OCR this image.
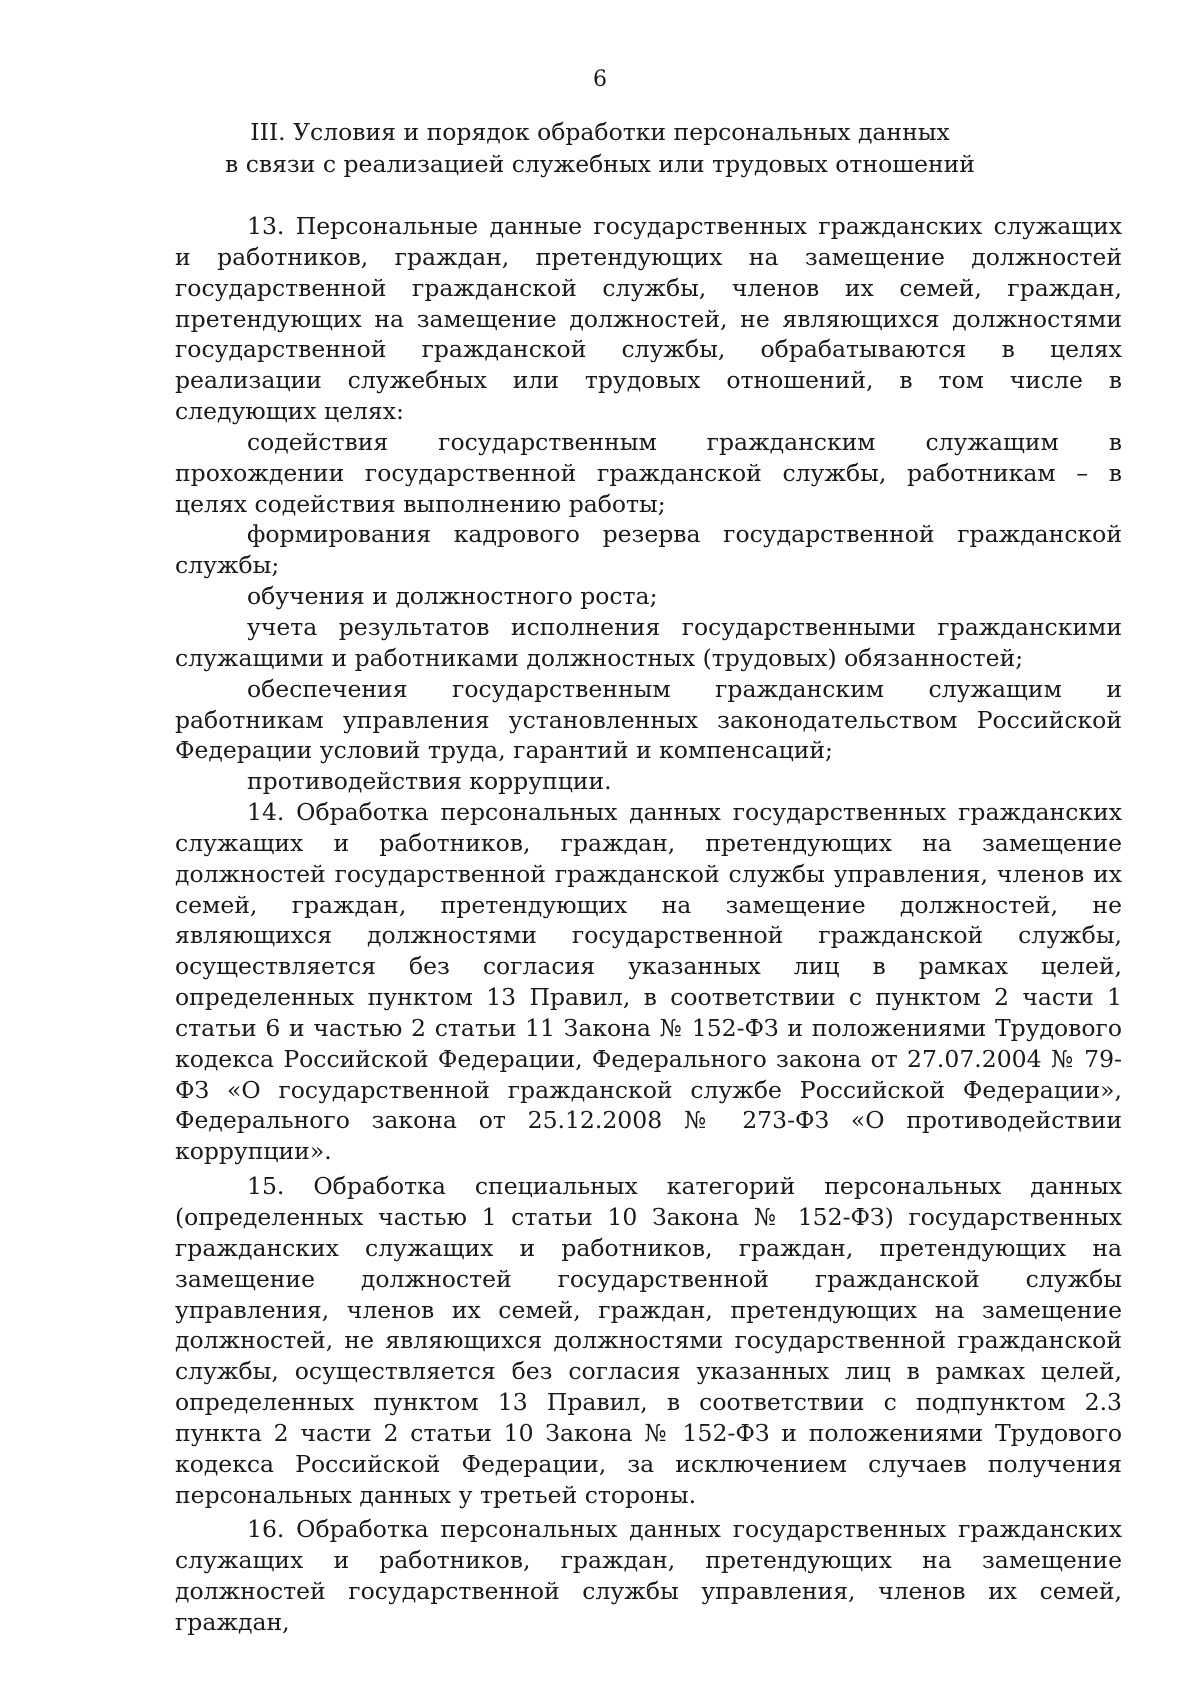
6
III. Условия и порядок обработки персональных данных
в связи с реализацией служебных или трудовых отношений

13. Персональные данные государственных гражданских служащих и работников, граждан, претендующих на замещение должностей государственной гражданской службы, членов их семей, граждан, претендующих на замещение должностей, не являющихся должностями государственной гражданской службы, обрабатываются в целях реализации служебных или трудовых отношений, в том числе в следующих целях:

содействия государственным гражданским служащим в прохождении государственной гражданской службы, работникам – в целях содействия выполнению работы;

формирования кадрового резерва государственной гражданской службы;

обучения и должностного роста;

учета результатов исполнения государственными гражданскими служащими и работниками должностных (трудовых) обязанностей;

обеспечения государственным гражданским служащим и работникам управления установленных законодательством Российской Федерации условий труда, гарантий и компенсаций;

противодействия коррупции.

14. Обработка персональных данных государственных гражданских служащих и работников, граждан, претендующих на замещение должностей государственной гражданской службы управления, членов их семей, граждан, претендующих на замещение должностей, не являющихся должностями государственной гражданской службы, осуществляется без согласия указанных лиц в рамках целей, определенных пунктом 13 Правил, в соответствии с пунктом 2 части 1 статьи 6 и частью 2 статьи 11 Закона № 152-ФЗ и положениями Трудового кодекса Российской Федерации, Федерального закона от 27.07.2004 № 79-ФЗ «О государственной гражданской службе Российской Федерации», Федерального закона от 25.12.2008 № 273-ФЗ «О противодействии коррупции».

15. Обработка специальных категорий персональных данных (определенных частью 1 статьи 10 Закона № 152-ФЗ) государственных гражданских служащих и работников, граждан, претендующих на замещение должностей государственной гражданской службы управления, членов их семей, граждан, претендующих на замещение должностей, не являющихся должностями государственной гражданской службы, осуществляется без согласия указанных лиц в рамках целей, определенных пунктом 13 Правил, в соответствии с подпунктом 2.3 пункта 2 части 2 статьи 10 Закона № 152-ФЗ и положениями Трудового кодекса Российской Федерации, за исключением случаев получения персональных данных у третьей стороны.

16. Обработка персональных данных государственных гражданских служащих и работников, граждан, претендующих на замещение должностей государственной службы управления, членов их семей, граждан,
